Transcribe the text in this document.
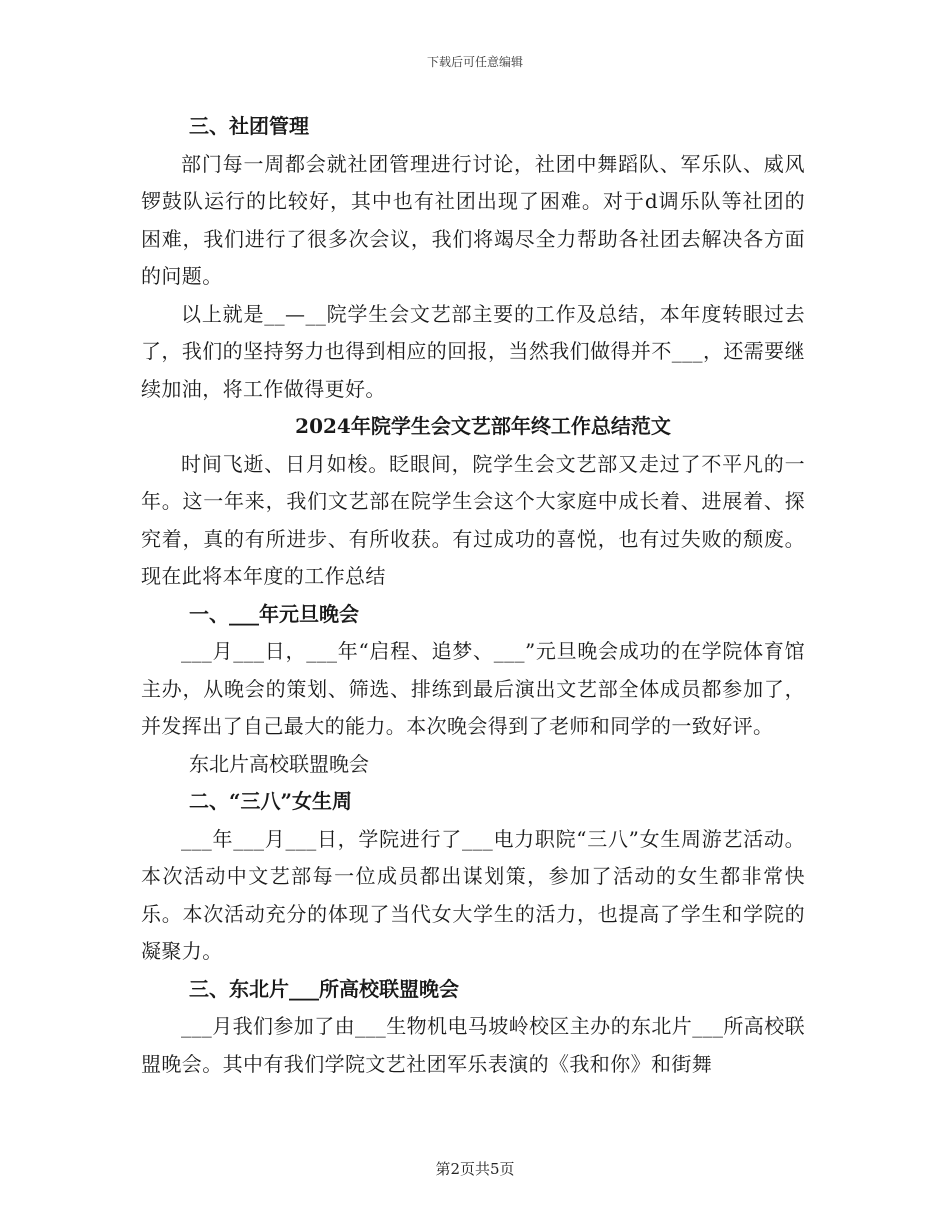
下载后可任意编辑

三、社团管理

部门每一周都会就社团管理进行讨论，社团中舞蹈队、军乐队、威风锣鼓队运行的比较好，其中也有社团出现了困难。对于d调乐队等社团的困难，我们进行了很多次会议，我们将竭尽全力帮助各社团去解决各方面的问题。

以上就是__—__院学生会文艺部主要的工作及总结，本年度转眼过去了，我们的坚持努力也得到相应的回报，当然我们做得并不___，还需要继续加油，将工作做得更好。

2024年院学生会文艺部年终工作总结范文

时间飞逝、日月如梭。眨眼间，院学生会文艺部又走过了不平凡的一年。这一年来，我们文艺部在院学生会这个大家庭中成长着、进展着、探究着，真的有所进步、有所收获。有过成功的喜悦，也有过失败的颓废。现在此将本年度的工作总结

一、___年元旦晚会

___月___日，___年“启程、追梦、___”元旦晚会成功的在学院体育馆主办，从晚会的策划、筛选、排练到最后演出文艺部全体成员都参加了，并发挥出了自己最大的能力。本次晚会得到了老师和同学的一致好评。

东北片高校联盟晚会

二、“三八”女生周

___年___月___日，学院进行了___电力职院“三八”女生周游艺活动。本次活动中文艺部每一位成员都出谋划策，参加了活动的女生都非常快乐。本次活动充分的体现了当代女大学生的活力，也提高了学生和学院的凝聚力。

三、东北片___所高校联盟晚会

___月我们参加了由___生物机电马坡岭校区主办的东北片___所高校联盟晚会。其中有我们学院文艺社团军乐表演的《我和你》和街舞

第2页共5页
